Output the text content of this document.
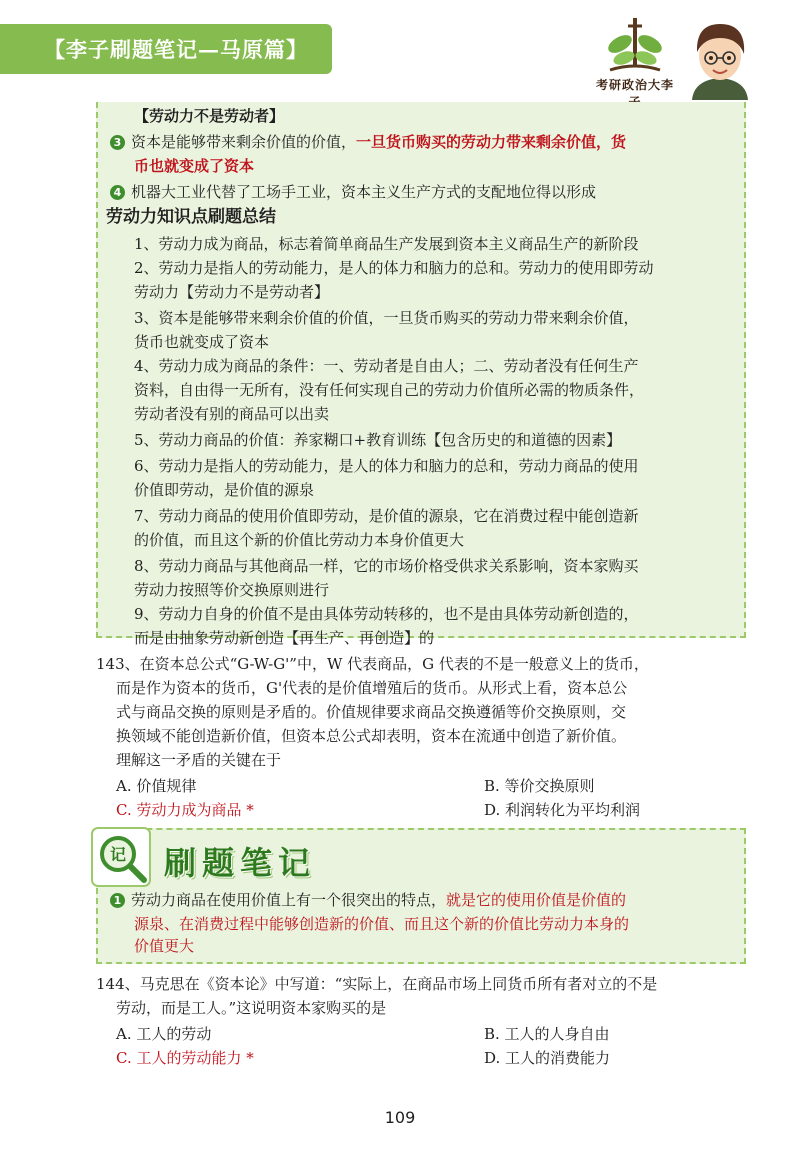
【李子刷题笔记—马原篇】
考研政治大李
【劳动力不是劳动者】
3 资本是能够带来剩余价值的价值，一旦货币购买的劳动力带来剩余价值，货
币也就变成了资本
4 机器大工业代替了工场手工业，资本主义生产方式的支配地位得以形成
劳动力知识点刷题总结
1、劳动力成为商品，标志着简单商品生产发展到资本主义商品生产的新阶段
2、劳动力是指人的劳动能力，是人的体力和脑力的总和。劳动力的使用即劳动
劳动力【劳动力不是劳动者】
3、资本是能够带来剩余价值的价值，一旦货币购买的劳动力带来剩余价值，
货币也就变成了资本
4、劳动力成为商品的条件：一、劳动者是自由人；二、劳动者没有任何生产
资料，自由得一无所有，没有任何实现自己的劳动力价值所必需的物质条件，
劳动者没有别的商品可以出卖
5、劳动力商品的价值：养家糊口+教育训练【包含历史的和道德的因素】
6、劳动力是指人的劳动能力，是人的体力和脑力的总和，劳动力商品的使用
价值即劳动，是价值的源泉
7、劳动力商品的使用价值即劳动，是价值的源泉，它在消费过程中能创造新
的价值，而且这个新的价值比劳动力本身价值更大
8、劳动力商品与其他商品一样，它的市场价格受供求关系影响，资本家购买
劳动力按照等价交换原则进行
9、劳动力自身的价值不是由具体劳动转移的，也不是由具体劳动新创造的，
而是由抽象劳动新创造【再生产、再创造】的
143、在资本总公式“G-W-G'”中，W 代表商品，G 代表的不是一般意义上的货币，
而是作为资本的货币，G'代表的是价值增殖后的货币。从形式上看，资本总公
式与商品交换的原则是矛盾的。价值规律要求商品交换遵循等价交换原则，交
换领域不能创造新价值，但资本总公式却表明，资本在流通中创造了新价值。
理解这一矛盾的关键在于
A. 价值规律	B. 等价交换原则
C. 劳动力成为商品 *	D. 利润转化为平均利润
记 刷题笔记
1 劳动力商品在使用价值上有一个很突出的特点，就是它的使用价值是价值的
源泉、在消费过程中能够创造新的价值、而且这个新的价值比劳动力本身的
价值更大
144、马克思在《资本论》中写道：“实际上，在商品市场上同货币所有者对立的不是
劳动，而是工人。”这说明资本家购买的是
A. 工人的劳动	B. 工人的人身自由
C. 工人的劳动能力 *	D. 工人的消费能力
109
